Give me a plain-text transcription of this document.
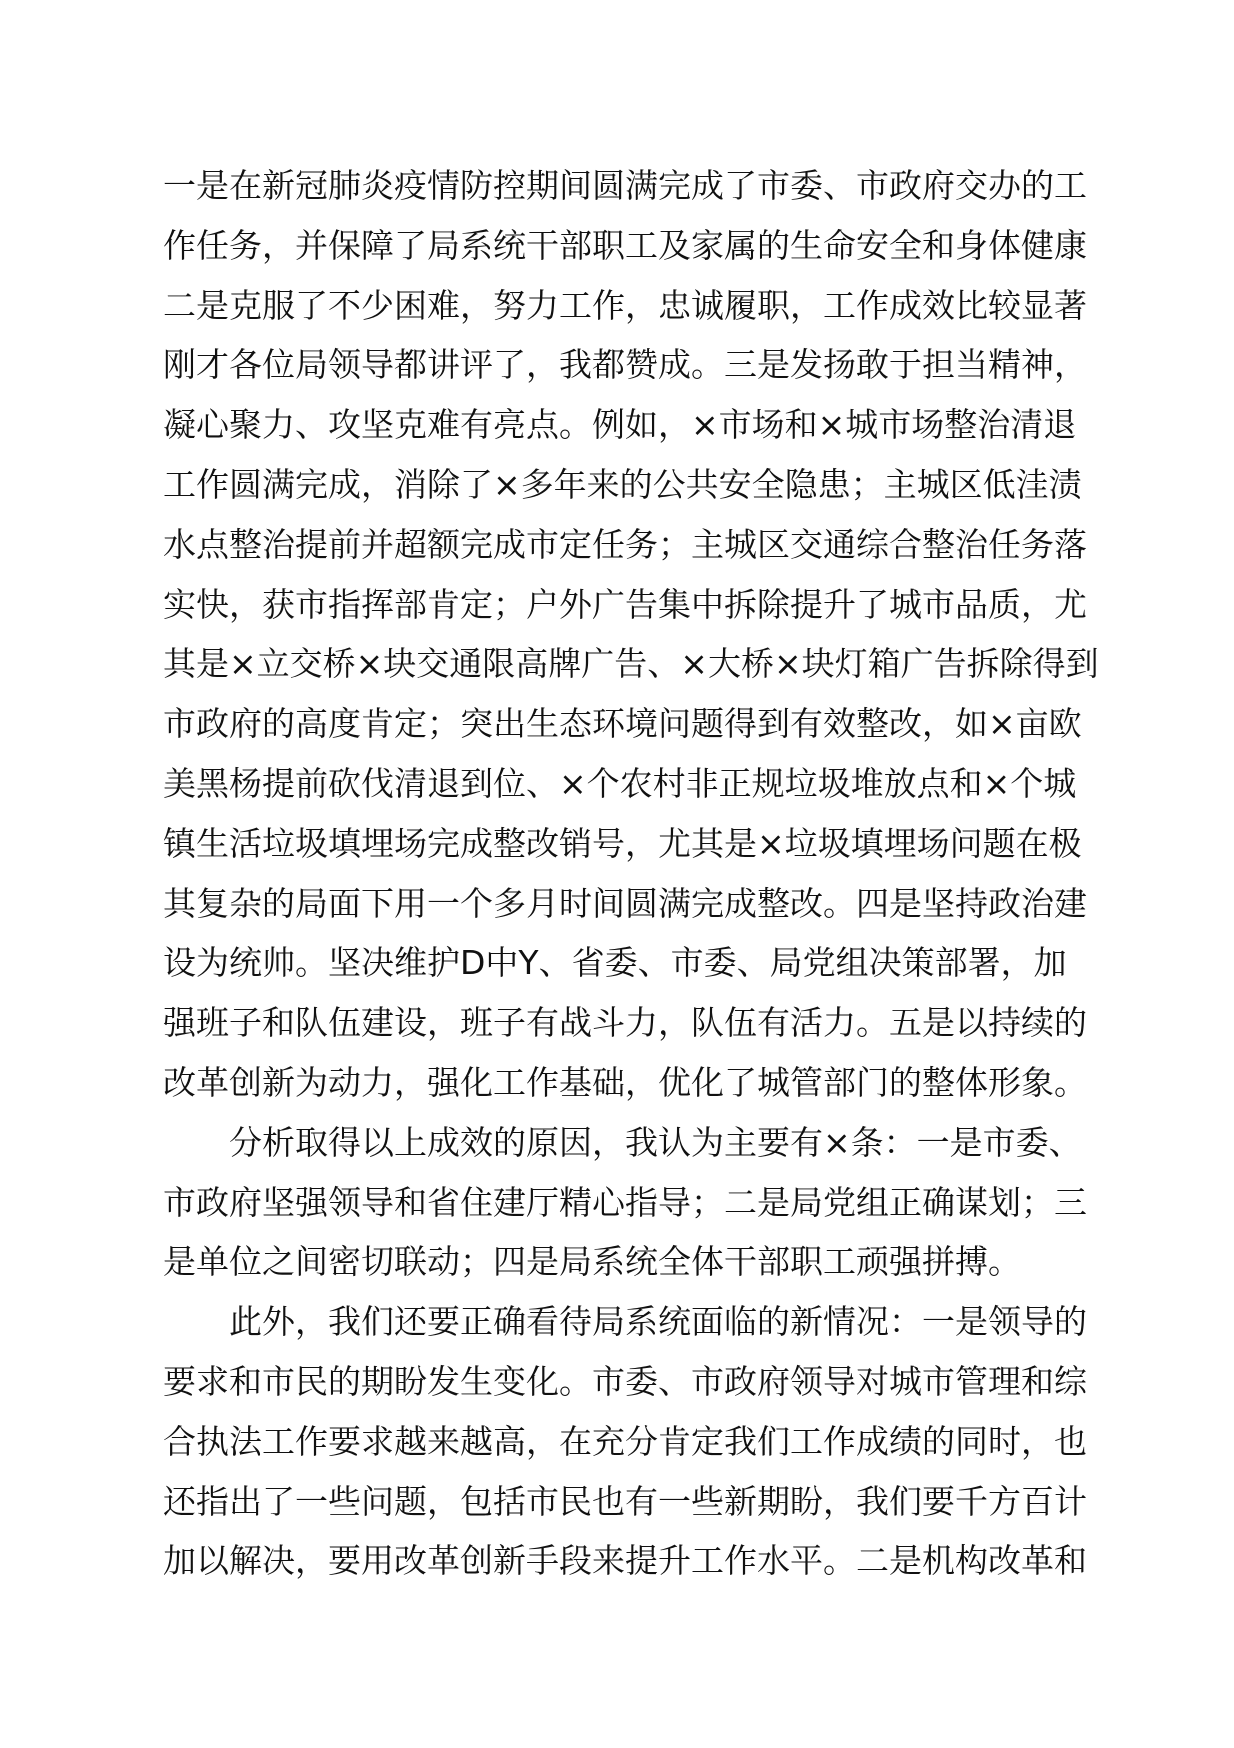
一是在新冠肺炎疫情防控期间圆满完成了市委、市政府交办的工
作任务，并保障了局系统干部职工及家属的生命安全和身体健康
二是克服了不少困难，努力工作，忠诚履职，工作成效比较显著
刚才各位局领导都讲评了，我都赞成。三是发扬敢于担当精神，
凝心聚力、攻坚克难有亮点。例如，×市场和×城市场整治清退
工作圆满完成，消除了×多年来的公共安全隐患；主城区低洼渍
水点整治提前并超额完成市定任务；主城区交通综合整治任务落
实快，获市指挥部肯定；户外广告集中拆除提升了城市品质，尤
其是×立交桥×块交通限高牌广告、×大桥×块灯箱广告拆除得到
市政府的高度肯定；突出生态环境问题得到有效整改，如×亩欧
美黑杨提前砍伐清退到位、×个农村非正规垃圾堆放点和×个城
镇生活垃圾填埋场完成整改销号，尤其是×垃圾填埋场问题在极
其复杂的局面下用一个多月时间圆满完成整改。四是坚持政治建
设为统帅。坚决维护D中Y、省委、市委、局党组决策部署，加
强班子和队伍建设，班子有战斗力，队伍有活力。五是以持续的
改革创新为动力，强化工作基础，优化了城管部门的整体形象。
分析取得以上成效的原因，我认为主要有×条：一是市委、
市政府坚强领导和省住建厅精心指导；二是局党组正确谋划；三
是单位之间密切联动；四是局系统全体干部职工顽强拼搏。
此外，我们还要正确看待局系统面临的新情况：一是领导的
要求和市民的期盼发生变化。市委、市政府领导对城市管理和综
合执法工作要求越来越高，在充分肯定我们工作成绩的同时，也
还指出了一些问题，包括市民也有一些新期盼，我们要千方百计
加以解决，要用改革创新手段来提升工作水平。二是机构改革和
